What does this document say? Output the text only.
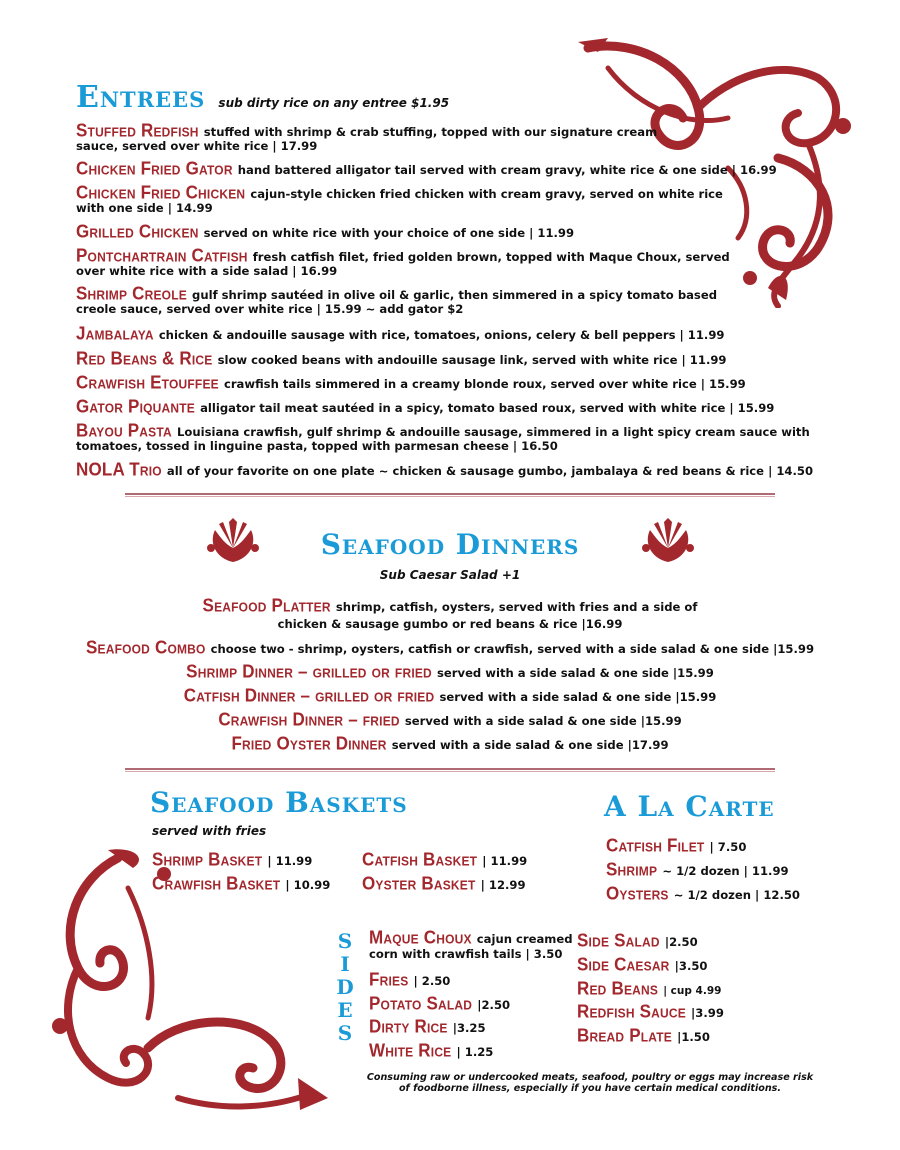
Entrees sub dirty rice on any entree $1.95
Stuffed Redfish stuffed with shrimp & crab stuffing, topped with our signature cream
sauce, served over white rice | 17.99
Chicken Fried Gator hand battered alligator tail served with cream gravy, white rice & one side | 16.99
Chicken Fried Chicken cajun-style chicken fried chicken with cream gravy, served on white rice
with one side | 14.99
Grilled Chicken served on white rice with your choice of one side | 11.99
Pontchartrain Catfish fresh catfish filet, fried golden brown, topped with Maque Choux, served
over white rice with a side salad | 16.99
Shrimp Creole gulf shrimp sautéed in olive oil & garlic, then simmered in a spicy tomato based
creole sauce, served over white rice | 15.99 ~ add gator $2
Jambalaya chicken & andouille sausage with rice, tomatoes, onions, celery & bell peppers | 11.99
Red Beans & Rice slow cooked beans with andouille sausage link, served with white rice | 11.99
Crawfish Etouffee crawfish tails simmered in a creamy blonde roux, served over white rice | 15.99
Gator Piquante alligator tail meat sautéed in a spicy, tomato based roux, served with white rice | 15.99
Bayou Pasta Louisiana crawfish, gulf shrimp & andouille sausage, simmered in a light spicy cream sauce with
tomatoes, tossed in linguine pasta, topped with parmesan cheese | 16.50
NOLA Trio all of your favorite on one plate ~ chicken & sausage gumbo, jambalaya & red beans & rice | 14.50
Seafood Dinners
Sub Caesar Salad +1
Seafood Platter shrimp, catfish, oysters, served with fries and a side of
chicken & sausage gumbo or red beans & rice |16.99
Seafood Combo choose two - shrimp, oysters, catfish or crawfish, served with a side salad & one side |15.99
Shrimp Dinner – grilled or fried served with a side salad & one side |15.99
Catfish Dinner – grilled or fried served with a side salad & one side |15.99
Crawfish Dinner – fried served with a side salad & one side |15.99
Fried Oyster Dinner served with a side salad & one side |17.99
Seafood Baskets
served with fries
Shrimp Basket | 11.99
Crawfish Basket | 10.99
Catfish Basket | 11.99
Oyster Basket | 12.99
A La Carte
Catfish Filet | 7.50
Shrimp ~ 1/2 dozen | 11.99
Oysters ~ 1/2 dozen | 12.50
S
I
D
E
S
Maque Choux cajun creamed
corn with crawfish tails | 3.50
Fries | 2.50
Potato Salad |2.50
Dirty Rice |3.25
White Rice | 1.25
Side Salad |2.50
Side Caesar |3.50
Red Beans | cup 4.99
Redfish Sauce |3.99
Bread Plate |1.50
Consuming raw or undercooked meats, seafood, poultry or eggs may increase risk
of foodborne illness, especially if you have certain medical conditions.
